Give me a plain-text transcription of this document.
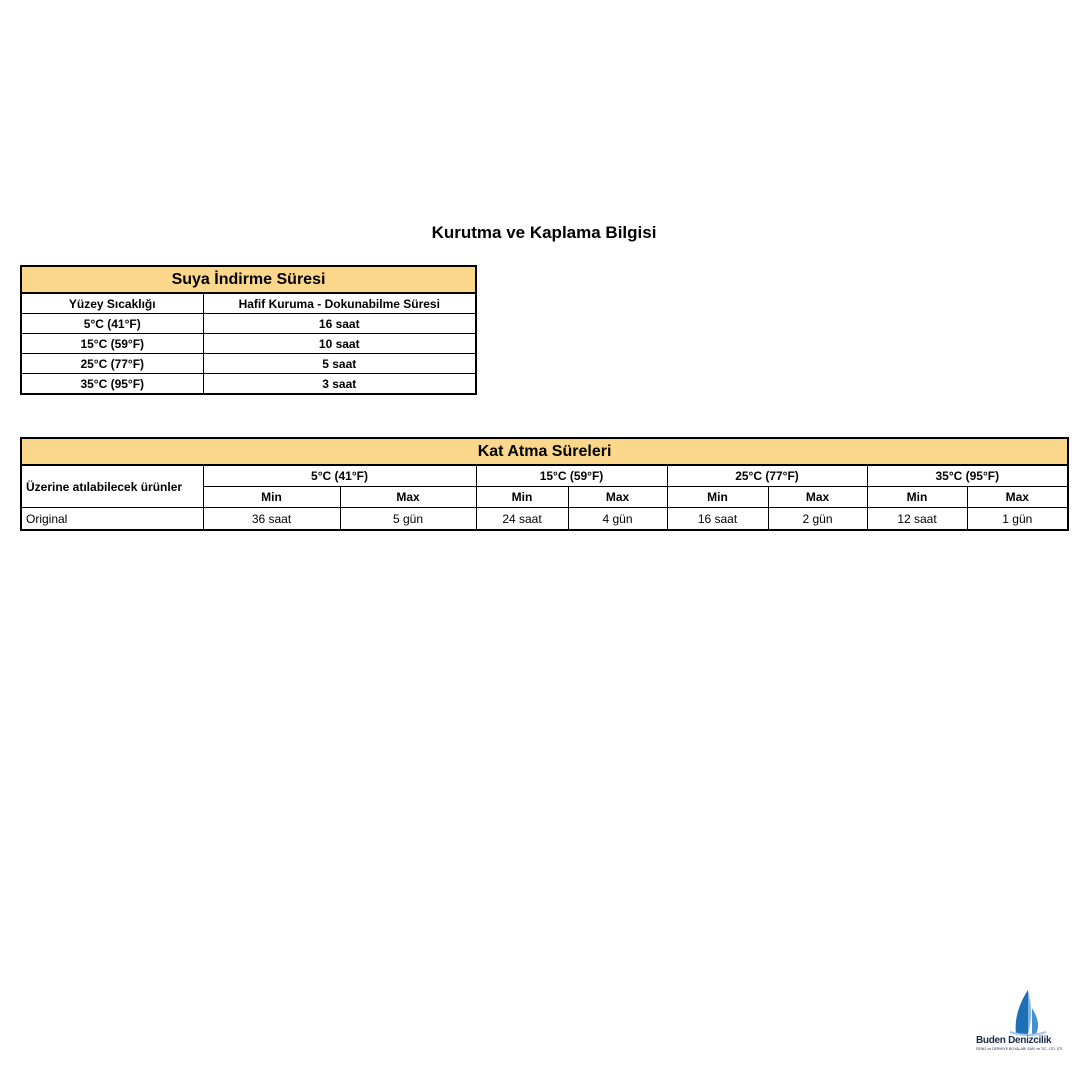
Kurutma ve Kaplama Bilgisi
Suya İndirme Süresi	
Yüzey Sıcaklığı	Hafif Kuruma - Dokunabilme Süresi
5°C (41°F)	16 saat
15°C (59°F)	10 saat
25°C (77°F)	5 saat
35°C (95°F)	3 saat
Kat Atma Süreleri								
Üzerine atılabilecek ürünler	5°C (41°F)		15°C (59°F)		25°C (77°F)		35°C (95°F)	
	Min	Max	Min	Max	Min	Max	Min	Max
Original	36 saat	5 gün	24 saat	4 gün	16 saat	2 gün	12 saat	1 gün
Buden Denizcilik
DENİZ ve DERMİYE BOYALARI SAN. ve TİC. LTD. ŞTİ.
